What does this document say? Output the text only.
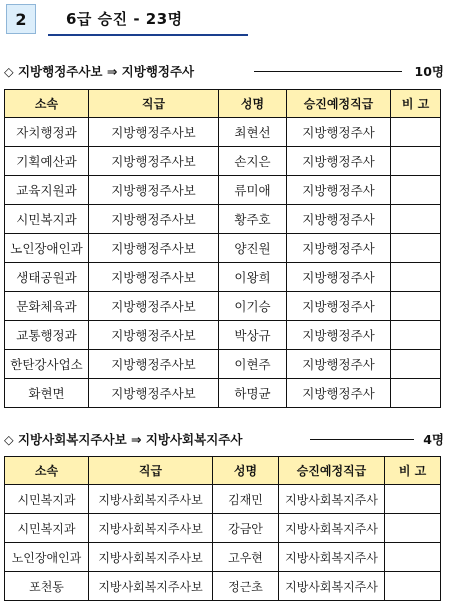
2	6급 승진 - 23명
◇ 지방행정주사보 ⇒ 지방행정주사	10명
소속	직급	성명	승진예정직급	비 고
자치행정과	지방행정주사보	최현선	지방행정주사	
기획예산과	지방행정주사보	손지은	지방행정주사	
교육지원과	지방행정주사보	류미애	지방행정주사	
시민복지과	지방행정주사보	황주호	지방행정주사	
노인장애인과	지방행정주사보	양진원	지방행정주사	
생태공원과	지방행정주사보	이왕희	지방행정주사	
문화체육과	지방행정주사보	이기승	지방행정주사	
교통행정과	지방행정주사보	박상규	지방행정주사	
한탄강사업소	지방행정주사보	이현주	지방행정주사	
화현면	지방행정주사보	하명균	지방행정주사	
◇ 지방사회복지주사보 ⇒ 지방사회복지주사	4명
소속	직급	성명	승진예정직급	비 고
시민복지과	지방사회복지주사보	김재민	지방사회복지주사	
시민복지과	지방사회복지주사보	강금안	지방사회복지주사	
노인장애인과	지방사회복지주사보	고우현	지방사회복지주사	
포천동	지방사회복지주사보	정근초	지방사회복지주사	
